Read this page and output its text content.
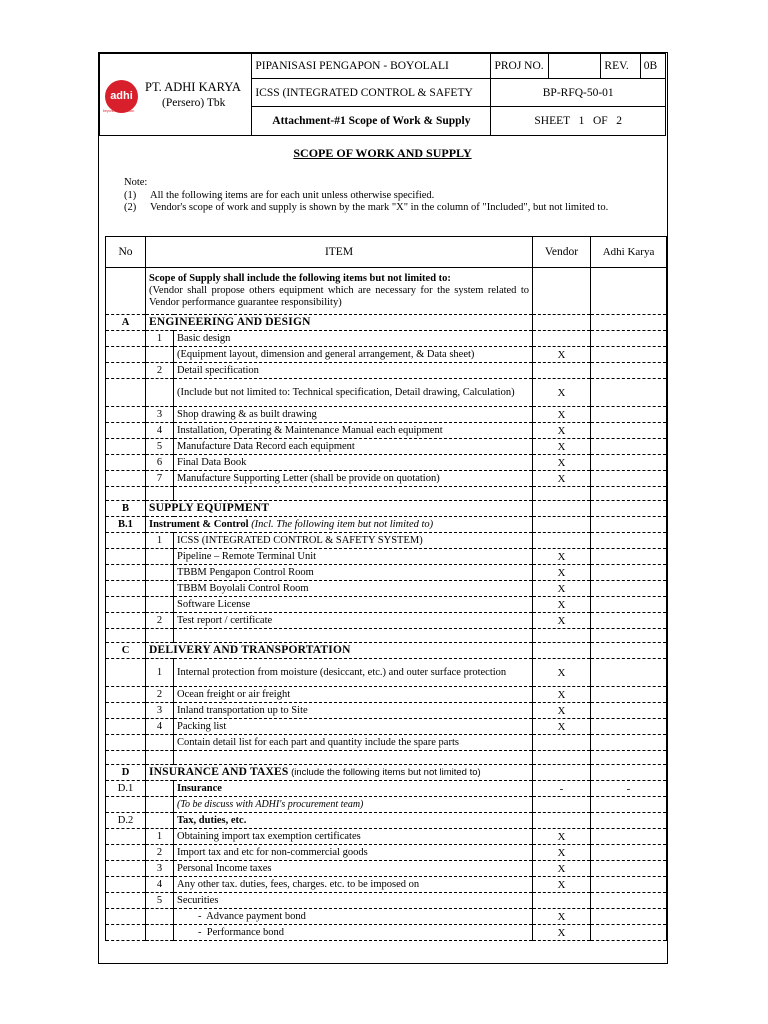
adhi
beyond construction
PT. ADHI KARYA
(Persero) Tbk	PIPANISASI PENGAPON - BOYOLALI	PROJ NO.		REV.	0B
	ICSS (INTEGRATED CONTROL & SAFETY	BP-RFQ-50-01			
	Attachment-#1 Scope of Work & Supply	SHEET   1   OF   2			
SCOPE OF WORK AND SUPPLY
Note:
(1) All the following items are for each unit unless otherwise specified.
(2) Vendor's scope of work and supply is shown by the mark "X" in the column of "Included", but not limited to.
No	ITEM		Vendor	Adhi Karya

	Scope of Supply shall include the following items but not limited to:
(Vendor shall propose others equipment which are necessary for the system related to Vendor performance guarantee responsibility)			

A	ENGINEERING AND DESIGN			
	1	Basic design		
		(Equipment layout, dimension and general arrangement, & Data sheet)	X	
	2	Detail specification		
		(Include but not limited to: Technical specification, Detail drawing, Calculation)	X	
	3	Shop drawing & as built drawing	X	
	4	Installation, Operating & Maintenance Manual each equipment	X	
	5	Manufacture Data Record each equipment	X	
	6	Final Data Book	X	
	7	Manufacture Supporting Letter (shall be provide on quotation)	X	

B	SUPPLY EQUIPMENT			
B.1	Instrument & Control (Incl. The following item but not limited to)			
	1	ICSS (INTEGRATED CONTROL & SAFETY SYSTEM)		
		Pipeline – Remote Terminal Unit	X	
		TBBM Pengapon Control Room	X	
		TBBM Boyolali Control Room	X	
		Software License	X	
	2	Test report / certificate	X	

C	DELIVERY AND TRANSPORTATION			
	1	Internal protection from moisture (desiccant, etc.) and outer surface protection	X	
	2	Ocean freight or air freight	X	
	3	Inland transportation up to Site	X	
	4	Packing list	X	
		Contain detail list for each part and quantity include the spare parts		

D	INSURANCE AND TAXES (include the following items but not limited to)			
D.1		Insurance	-	-
		(To be discuss with ADHI's procurement team)		
D.2		Tax, duties, etc.		
	1	Obtaining import tax exemption certificates	X	
	2	Import tax and etc for non-commercial goods	X	
	3	Personal Income taxes	X	
	4	Any other tax. duties, fees, charges. etc. to be imposed on	X	
	5	Securities		
		-  Advance payment bond	X	
		-  Performance bond	X	
